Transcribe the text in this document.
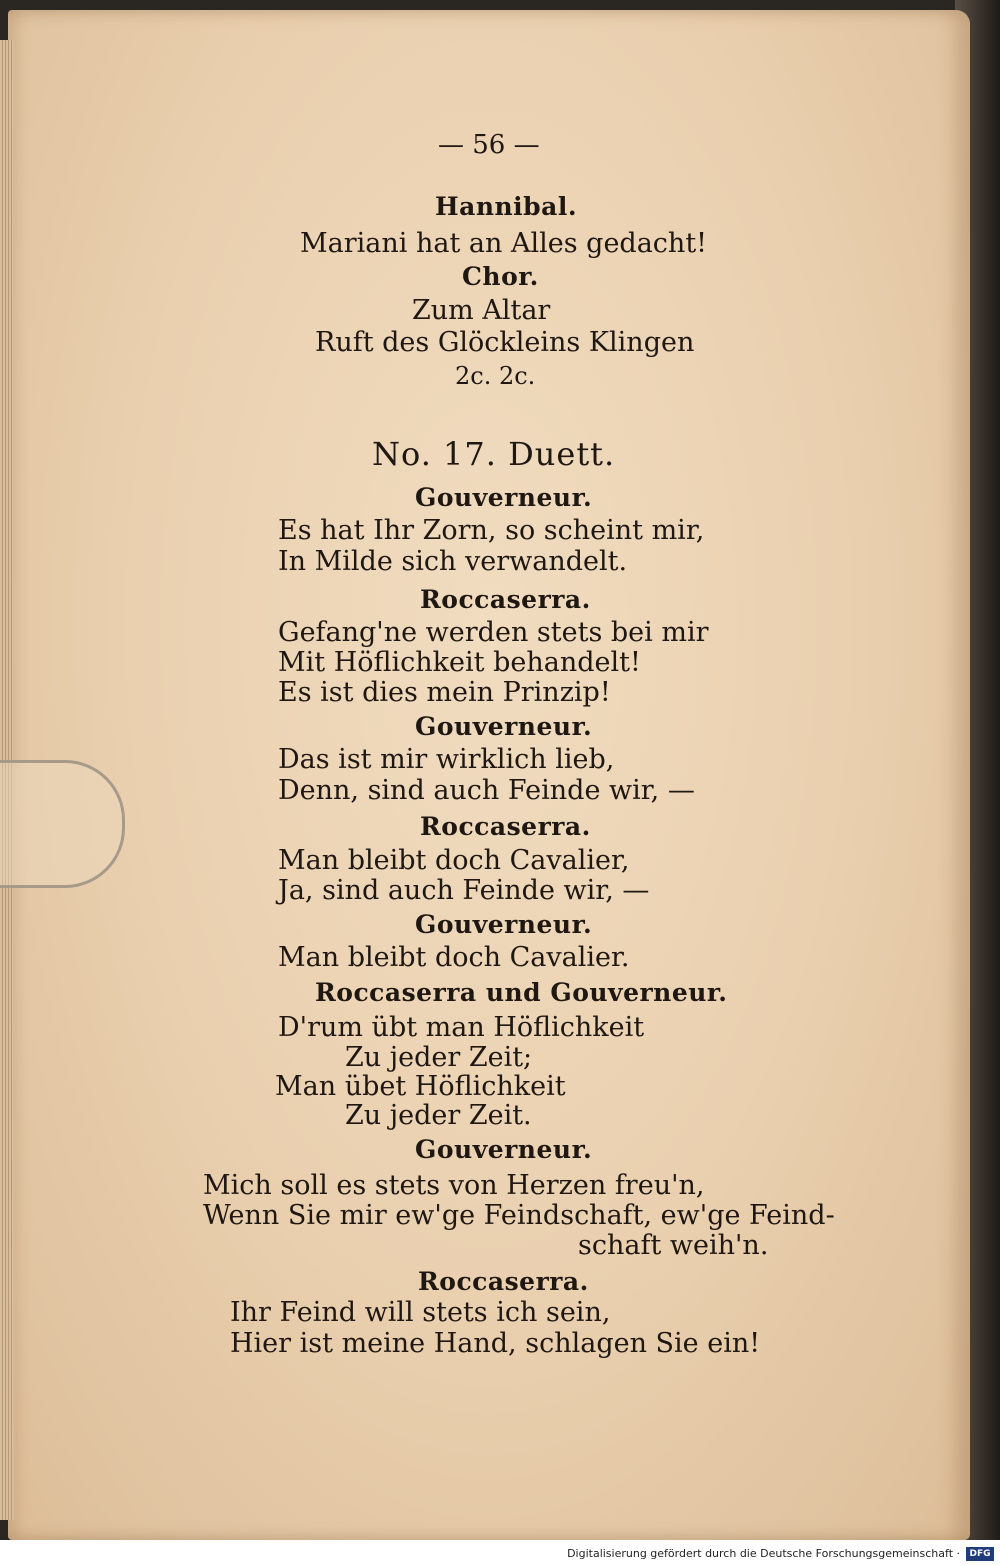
— 56 —
Hannibal.
Mariani hat an Alles gedacht!
Chor.
Zum Altar
Ruft des Glöckleins Klingen
2c. 2c.
No. 17. Duett.
Gouverneur.
Es hat Ihr Zorn, so scheint mir,
In Milde sich verwandelt.
Roccaserra.
Gefang'ne werden stets bei mir
Mit Höflichkeit behandelt!
Es ist dies mein Prinzip!
Gouverneur.
Das ist mir wirklich lieb,
Denn, sind auch Feinde wir, —
Roccaserra.
Man bleibt doch Cavalier,
Ja, sind auch Feinde wir, —
Gouverneur.
Man bleibt doch Cavalier.
Roccaserra und Gouverneur.
D'rum übt man Höflichkeit
Zu jeder Zeit;
Man übet Höflichkeit
Zu jeder Zeit.
Gouverneur.
Mich soll es stets von Herzen freu'n,
Wenn Sie mir ew'ge Feindschaft, ew'ge Feind-
schaft weih'n.
Roccaserra.
Ihr Feind will stets ich sein,
Hier ist meine Hand, schlagen Sie ein!
Digitalisierung gefördert durch die Deutsche Forschungsgemeinschaft ·	DFG
